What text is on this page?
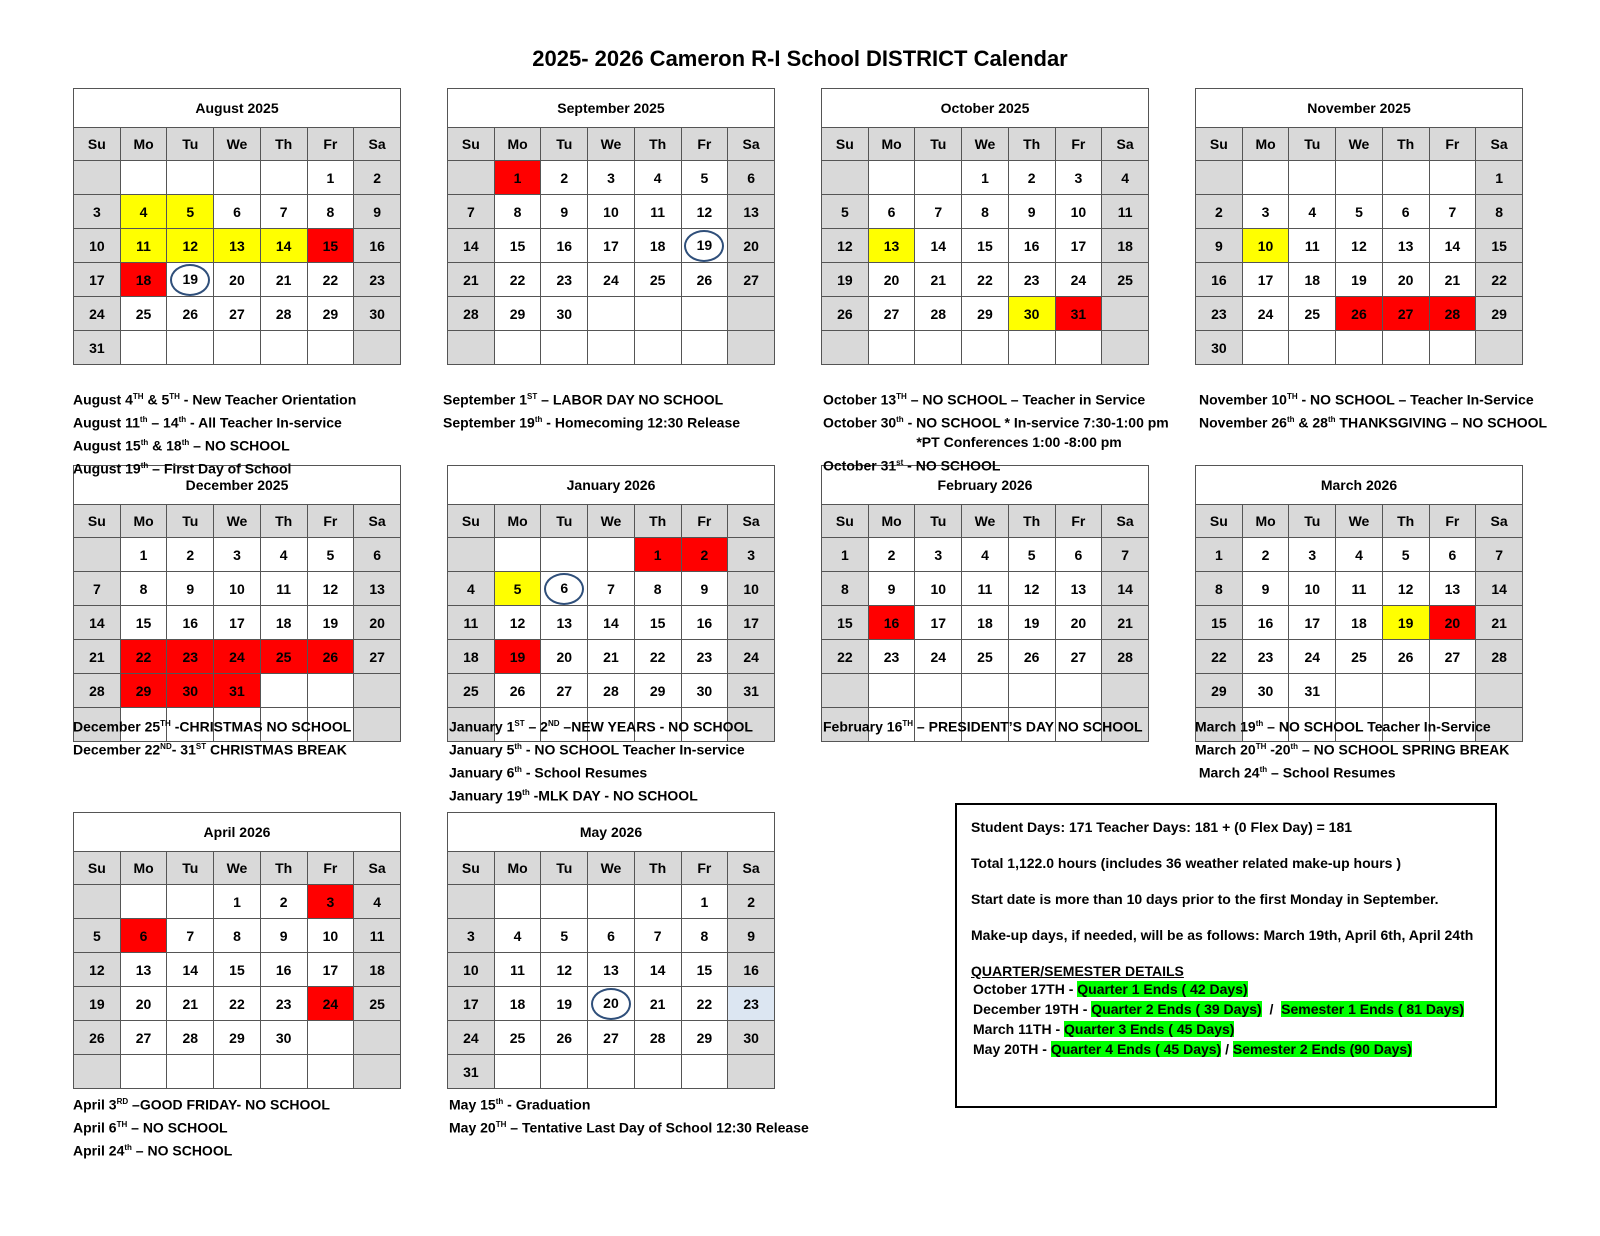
2025- 2026 Cameron R-I School DISTRICT Calendar
August 2025						
Su	Mo	Tu	We	Th	Fr	Sa
					1	2
3	4	5	6	7	8	9
10	11	12	13	14	15	16
17	18	19	20	21	22	23
24	25	26	27	28	29	30
31						
September 2025						
Su	Mo	Tu	We	Th	Fr	Sa
	1	2	3	4	5	6
7	8	9	10	11	12	13
14	15	16	17	18	19	20
21	22	23	24	25	26	27
28	29	30				

October 2025						
Su	Mo	Tu	We	Th	Fr	Sa
			1	2	3	4
5	6	7	8	9	10	11
12	13	14	15	16	17	18
19	20	21	22	23	24	25
26	27	28	29	30	31	

November 2025						
Su	Mo	Tu	We	Th	Fr	Sa
						1
2	3	4	5	6	7	8
9	10	11	12	13	14	15
16	17	18	19	20	21	22
23	24	25	26	27	28	29
30						
December 2025						
Su	Mo	Tu	We	Th	Fr	Sa
	1	2	3	4	5	6
7	8	9	10	11	12	13
14	15	16	17	18	19	20
21	22	23	24	25	26	27
28	29	30	31			

January 2026						
Su	Mo	Tu	We	Th	Fr	Sa
				1	2	3
4	5	6	7	8	9	10
11	12	13	14	15	16	17
18	19	20	21	22	23	24
25	26	27	28	29	30	31

February 2026						
Su	Mo	Tu	We	Th	Fr	Sa
1	2	3	4	5	6	7
8	9	10	11	12	13	14
15	16	17	18	19	20	21
22	23	24	25	26	27	28

March 2026						
Su	Mo	Tu	We	Th	Fr	Sa
1	2	3	4	5	6	7
8	9	10	11	12	13	14
15	16	17	18	19	20	21
22	23	24	25	26	27	28
29	30	31				

April 2026						
Su	Mo	Tu	We	Th	Fr	Sa
			1	2	3	4
5	6	7	8	9	10	11
12	13	14	15	16	17	18
19	20	21	22	23	24	25
26	27	28	29	30		

May 2026						
Su	Mo	Tu	We	Th	Fr	Sa
					1	2
3	4	5	6	7	8	9
10	11	12	13	14	15	16
17	18	19	20	21	22	23
24	25	26	27	28	29	30
31						
August 4TH & 5TH - New Teacher Orientation
August 11th – 14th - All Teacher In-service
August 15th & 18th – NO SCHOOL
August 19th – First Day of School
September 1ST – LABOR DAY NO SCHOOL
September 19th - Homecoming 12:30 Release
October 13TH – NO SCHOOL – Teacher in Service
October 30th - NO SCHOOL * In-service 7:30-1:00 pm
*PT Conferences 1:00 -8:00 pm
October 31st - NO SCHOOL
November 10TH - NO SCHOOL – Teacher In-Service
November 26th & 28th THANKSGIVING – NO SCHOOL
December 25TH -CHRISTMAS NO SCHOOL
December 22ND- 31ST CHRISTMAS BREAK
January 1ST – 2ND –NEW YEARS - NO SCHOOL
January 5th - NO SCHOOL Teacher In-service
January 6th - School Resumes
January 19th -MLK DAY - NO SCHOOL
February 16TH – PRESIDENT’S DAY NO SCHOOL	March 19th – NO SCHOOL Teacher In-Service
March 20TH -20th – NO SCHOOL SPRING BREAK
March 24th – School Resumes
April 3RD –GOOD FRIDAY- NO SCHOOL
April 6TH – NO SCHOOL
April 24th – NO SCHOOL
May 15th - Graduation
May 20TH – Tentative Last Day of School 12:30 Release
Student Days: 171 Teacher Days: 181 + (0 Flex Day) = 181
Total 1,122.0 hours (includes 36 weather related make-up hours )
Start date is more than 10 days prior to the first Monday in September.
Make-up days, if needed, will be as follows: March 19th, April 6th, April 24th
QUARTER/SEMESTER DETAILS
October 17TH - Quarter 1 Ends ( 42 Days)
December 19TH - Quarter 2 Ends ( 39 Days)  /  Semester 1 Ends ( 81 Days)
March 11TH - Quarter 3 Ends ( 45 Days)
May 20TH - Quarter 4 Ends ( 45 Days) / Semester 2 Ends (90 Days)
